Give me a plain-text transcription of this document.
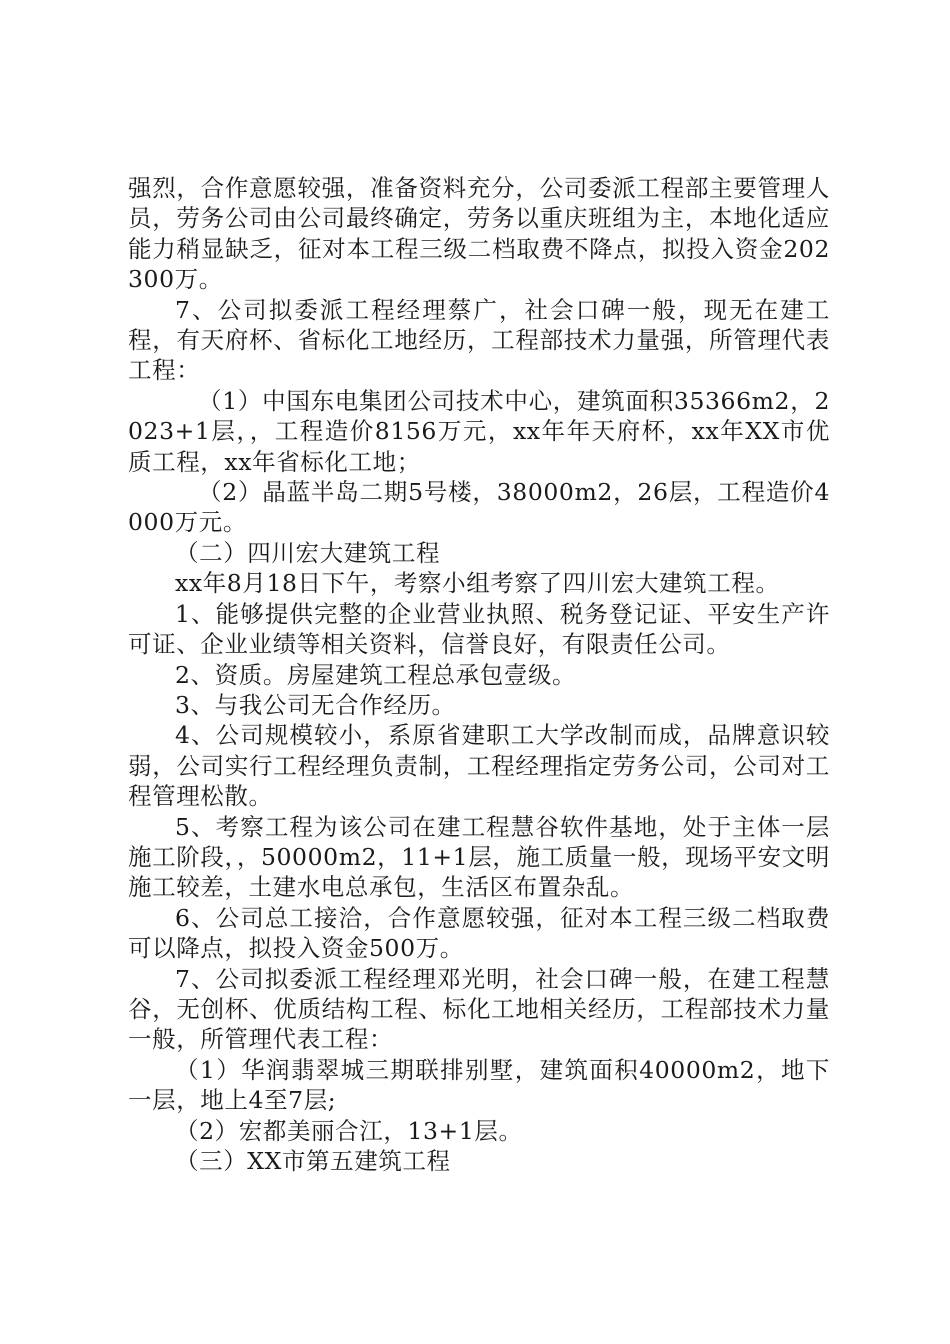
强烈，合作意愿较强，准备资料充分，公司委派工程部主要管理人员，劳务公司由公司最终确定，劳务以重庆班组为主，本地化适应能力稍显缺乏，征对本工程三级二档取费不降点，拟投入资金202300万。

7、公司拟委派工程经理蔡广，社会口碑一般，现无在建工程，有天府杯、省标化工地经历，工程部技术力量强，所管理代表工程：

（1）中国东电集团公司技术中心，建筑面积35366m2，2023+1层，，工程造价8156万元，xx年年天府杯，xx年XX市优质工程，xx年省标化工地；

（2）晶蓝半岛二期5号楼，38000m2，26层，工程造价4000万元。

（二）四川宏大建筑工程

xx年8月18日下午，考察小组考察了四川宏大建筑工程。

1、能够提供完整的企业营业执照、税务登记证、平安生产许可证、企业业绩等相关资料，信誉良好，有限责任公司。

2、资质。房屋建筑工程总承包壹级。

3、与我公司无合作经历。

4、公司规模较小，系原省建职工大学改制而成，品牌意识较弱，公司实行工程经理负责制，工程经理指定劳务公司，公司对工程管理松散。

5、考察工程为该公司在建工程慧谷软件基地，处于主体一层施工阶段，，50000m2，11+1层，施工质量一般，现场平安文明施工较差，土建水电总承包，生活区布置杂乱。

6、公司总工接洽，合作意愿较强，征对本工程三级二档取费可以降点，拟投入资金500万。

7、公司拟委派工程经理邓光明，社会口碑一般，在建工程慧谷，无创杯、优质结构工程、标化工地相关经历，工程部技术力量一般，所管理代表工程：

（1）华润翡翠城三期联排别墅，建筑面积40000m2，地下一层，地上4至7层;

（2）宏都美丽合江，13+1层。

（三）XX市第五建筑工程
